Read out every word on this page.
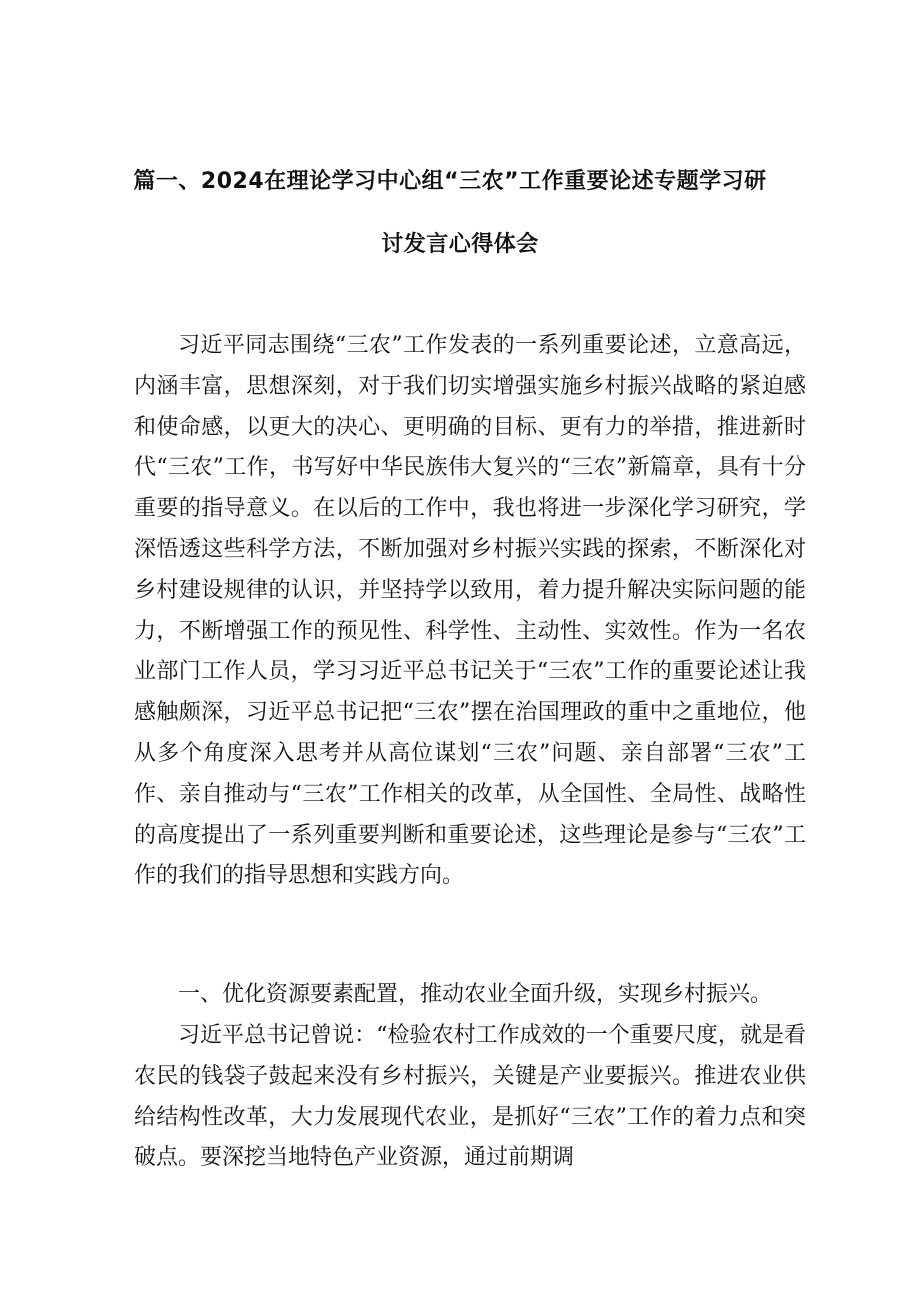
篇一、2024在理论学习中心组“三农”工作重要论述专题学习研
讨发言心得体会

习近平同志围绕“三农”工作发表的一系列重要论述，立意高远，内涵丰富，思想深刻，对于我们切实增强实施乡村振兴战略的紧迫感和使命感，以更大的决心、更明确的目标、更有力的举措，推进新时代“三农”工作，书写好中华民族伟大复兴的“三农”新篇章，具有十分重要的指导意义。在以后的工作中，我也将进一步深化学习研究，学深悟透这些科学方法，不断加强对乡村振兴实践的探索，不断深化对乡村建设规律的认识，并坚持学以致用，着力提升解决实际问题的能力，不断增强工作的预见性、科学性、主动性、实效性。作为一名农业部门工作人员，学习习近平总书记关于“三农”工作的重要论述让我感触颇深，习近平总书记把“三农”摆在治国理政的重中之重地位，他从多个角度深入思考并从高位谋划“三农”问题、亲自部署“三农”工作、亲自推动与“三农”工作相关的改革，从全国性、全局性、战略性的高度提出了一系列重要判断和重要论述，这些理论是参与“三农”工作的我们的指导思想和实践方向。

一、优化资源要素配置，推动农业全面升级，实现乡村振兴。

习近平总书记曾说：“检验农村工作成效的一个重要尺度，就是看农民的钱袋子鼓起来没有乡村振兴，关键是产业要振兴。推进农业供给结构性改革，大力发展现代农业，是抓好“三农”工作的着力点和突破点。要深挖当地特色产业资源，通过前期调
